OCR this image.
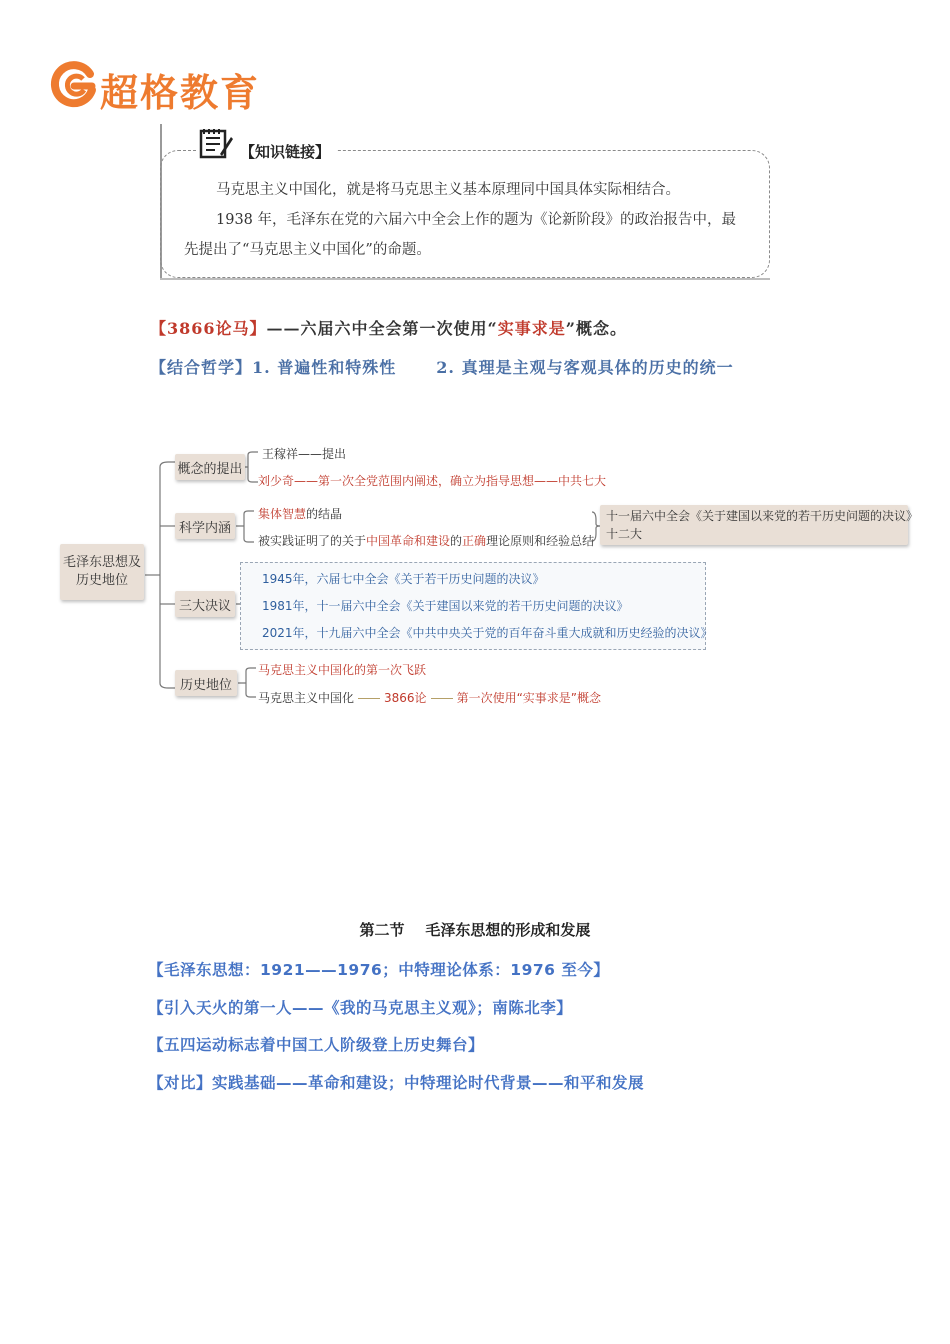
超格教育
【知识链接】
马克思主义中国化，就是将马克思主义基本原理同中国具体实际相结合。
1938 年，毛泽东在党的六届六中全会上作的题为《论新阶段》的政治报告中，最
先提出了“马克思主义中国化”的命题。
【3866论马】——六届六中全会第一次使用“实事求是”概念。
【结合哲学】1. 普遍性和特殊性	2. 真理是主观与客观具体的历史的统一
毛泽东思想及
历史地位
概念的提出
科学内涵
三大决议
历史地位
王稼祥——提出
刘少奇——第一次全党范围内阐述，确立为指导思想——中共七大
集体智慧的结晶
被实践证明了的关于中国革命和建设的正确理论原则和经验总结
十一届六中全会《关于建国以来党的若干历史问题的决议》
十二大
1945年，六届七中全会《关于若干历史问题的决议》
1981年，十一届六中全会《关于建国以来党的若干历史问题的决议》
2021年，十九届六中全会《中共中央关于党的百年奋斗重大成就和历史经验的决议》
马克思主义中国化的第一次飞跃
马克思主义中国化	3866论	第一次使用“实事求是”概念
第二节    毛泽东思想的形成和发展
【毛泽东思想：1921——1976；中特理论体系：1976 至今】
【引入天火的第一人——《我的马克思主义观》；南陈北李】
【五四运动标志着中国工人阶级登上历史舞台】
【对比】实践基础——革命和建设；中特理论时代背景——和平和发展
